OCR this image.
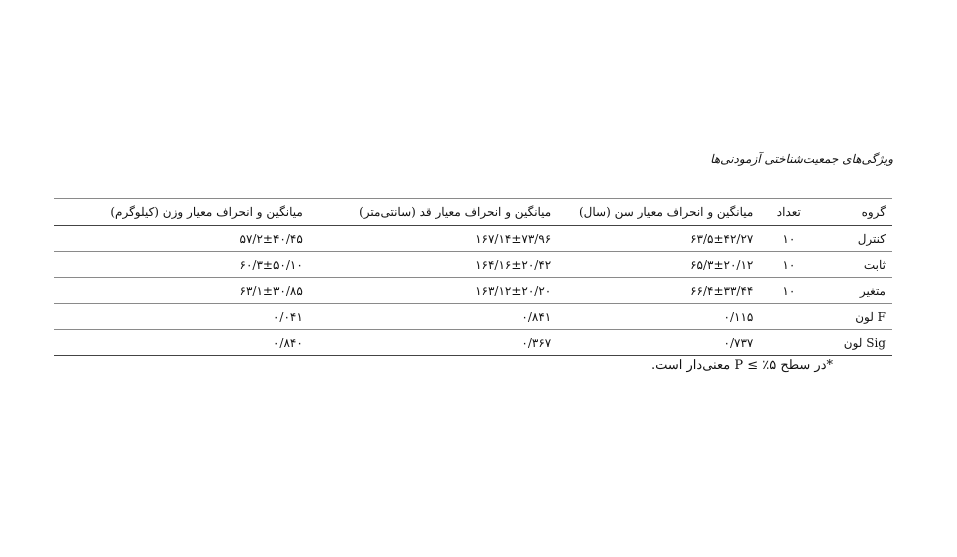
ویژگی‌های جمعیت‌شناختی آزمودنی‌ها
گروه	تعداد	میانگین و انحراف معیار سن (سال)	میانگین و انحراف معیار قد (سانتی‌متر)	میانگین و انحراف معیار وزن (کیلوگرم)
کنترل	۱۰	۶۳/۵±۴۲/۲۷	۱۶۷/۱۴±۷۳/۹۶	۵۷/۲±۴۰/۴۵
ثابت	۱۰	۶۵/۳±۲۰/۱۲	۱۶۴/۱۶±۲۰/۴۲	۶۰/۳±۵۰/۱۰
متغیر	۱۰	۶۶/۴±۳۳/۴۴	۱۶۳/۱۲±۲۰/۲۰	۶۳/۱±۳۰/۸۵
F لون		۰/۱۱۵	۰/۸۴۱	۰/۰۴۱
Sig لون		۰/۷۳۷	۰/۳۶۷	۰/۸۴۰
*در سطح ۵٪ ≥ P معنی‌دار است.
